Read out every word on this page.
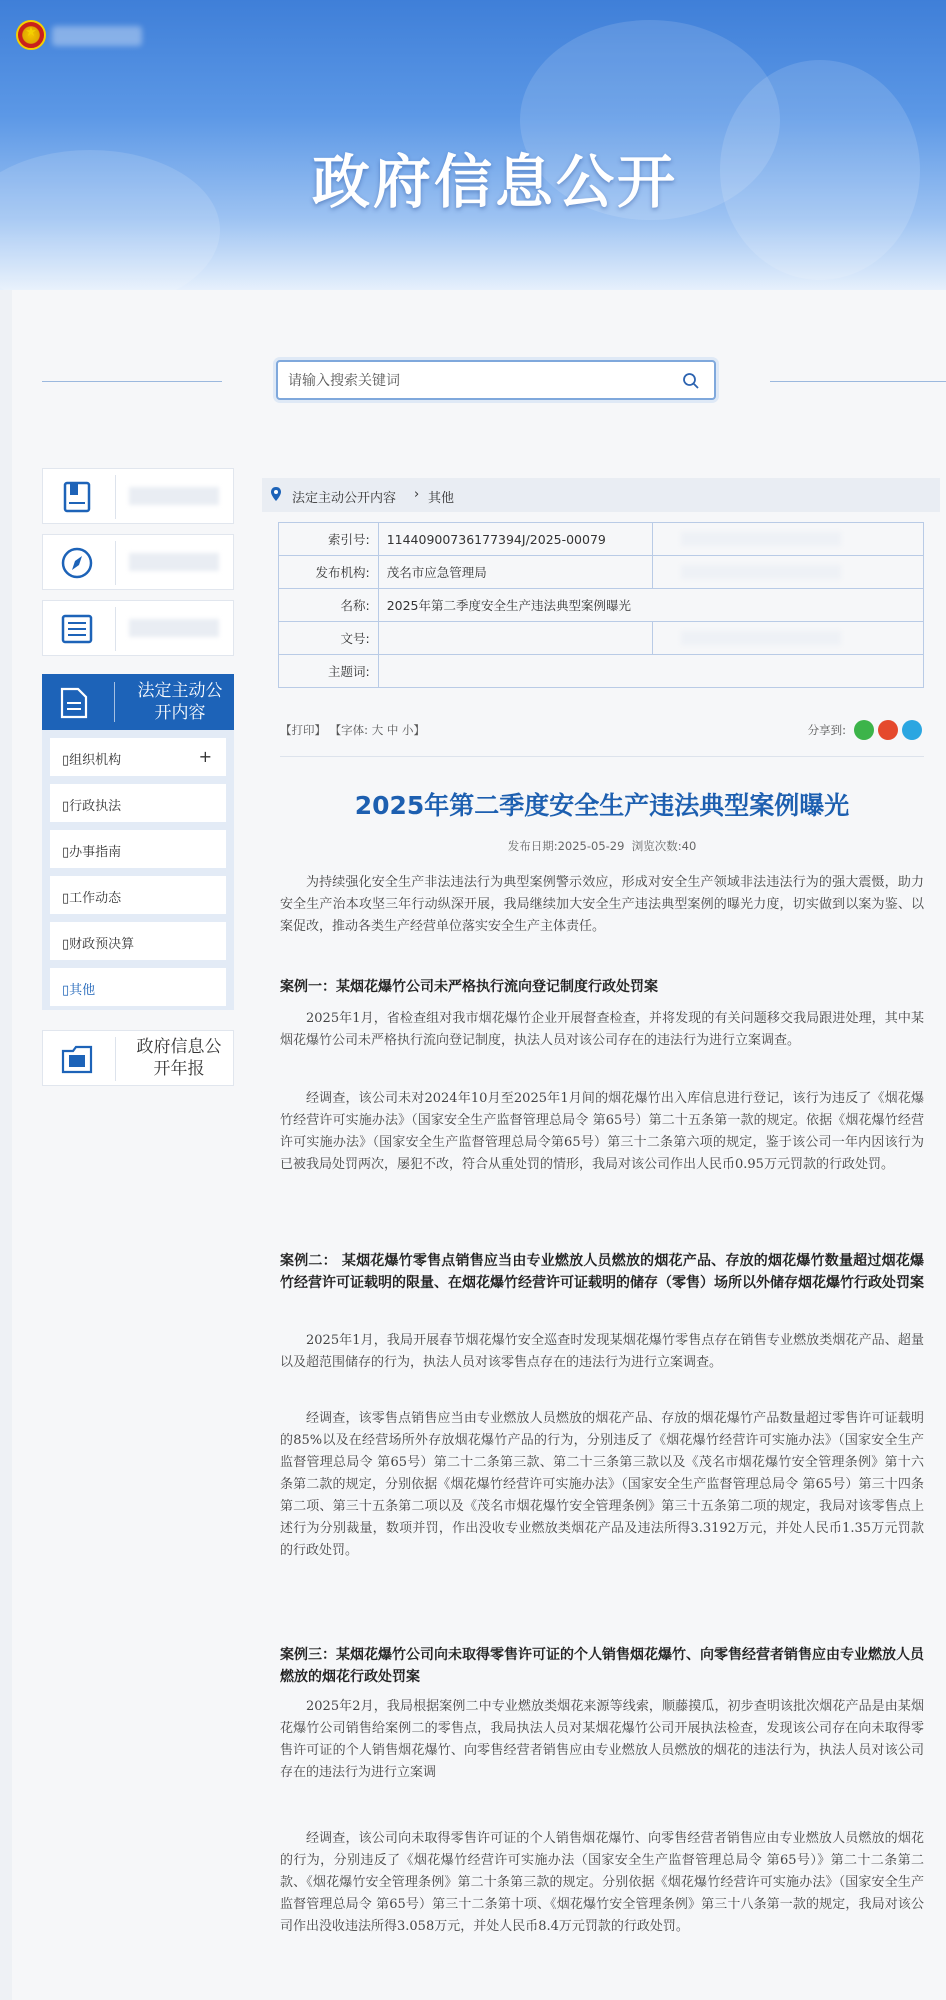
★
政府信息公开
请输入搜索关键词
法定主动公开内容
▯组织机构	+
▯行政执法
▯办事指南
▯工作动态
▯财政预决算
▯其他
政府信息公开年报
法定主动公开内容 › 其他
索引号:	11440900736177394J/2025-00079	

发布机构:	茂名市应急管理局	

名称:	2025年第二季度安全生产违法典型案例曝光	
文号:		

主题词:		
【打印】 【字体: 大 中 小】	分享到:
2025年第二季度安全生产违法典型案例曝光
发布日期:2025-05-29 浏览次数:40
为持续强化安全生产非法违法行为典型案例警示效应，形成对安全生产领域非法违法行为的强大震慑，助力安全生产治本攻坚三年行动纵深开展，我局继续加大安全生产违法典型案例的曝光力度，切实做到以案为鉴、以案促改，推动各类生产经营单位落实安全生产主体责任。
案例一：某烟花爆竹公司未严格执行流向登记制度行政处罚案
2025年1月，省检查组对我市烟花爆竹企业开展督查检查，并将发现的有关问题移交我局跟进处理，其中某烟花爆竹公司未严格执行流向登记制度，执法人员对该公司存在的违法行为进行立案调查。
经调查，该公司未对2024年10月至2025年1月间的烟花爆竹出入库信息进行登记，该行为违反了《烟花爆竹经营许可实施办法》（国家安全生产监督管理总局令 第65号）第二十五条第一款的规定。依据《烟花爆竹经营许可实施办法》（国家安全生产监督管理总局令第65号）第三十二条第六项的规定，鉴于该公司一年内因该行为已被我局处罚两次，屡犯不改，符合从重处罚的情形，我局对该公司作出人民币0.95万元罚款的行政处罚。
案例二： 某烟花爆竹零售点销售应当由专业燃放人员燃放的烟花产品、存放的烟花爆竹数量超过烟花爆竹经营许可证载明的限量、在烟花爆竹经营许可证载明的储存（零售）场所以外储存烟花爆竹行政处罚案
2025年1月，我局开展春节烟花爆竹安全巡查时发现某烟花爆竹零售点存在销售专业燃放类烟花产品、超量以及超范围储存的行为，执法人员对该零售点存在的违法行为进行立案调查。
经调查，该零售点销售应当由专业燃放人员燃放的烟花产品、存放的烟花爆竹产品数量超过零售许可证载明的85%以及在经营场所外存放烟花爆竹产品的行为，分别违反了《烟花爆竹经营许可实施办法》（国家安全生产监督管理总局令 第65号）第二十二条第三款、第二十三条第三款以及《茂名市烟花爆竹安全管理条例》第十六条第二款的规定，分别依据《烟花爆竹经营许可实施办法》（国家安全生产监督管理总局令 第65号）第三十四条第二项、第三十五条第二项以及《茂名市烟花爆竹安全管理条例》第三十五条第二项的规定，我局对该零售点上述行为分别裁量，数项并罚，作出没收专业燃放类烟花产品及违法所得3.3192万元，并处人民币1.35万元罚款的行政处罚。
案例三：某烟花爆竹公司向未取得零售许可证的个人销售烟花爆竹、向零售经营者销售应由专业燃放人员燃放的烟花行政处罚案
2025年2月，我局根据案例二中专业燃放类烟花来源等线索，顺藤摸瓜，初步查明该批次烟花产品是由某烟花爆竹公司销售给案例二的零售点，我局执法人员对某烟花爆竹公司开展执法检查，发现该公司存在向未取得零售许可证的个人销售烟花爆竹、向零售经营者销售应由专业燃放人员燃放的烟花的违法行为，执法人员对该公司存在的违法行为进行立案调
经调查，该公司向未取得零售许可证的个人销售烟花爆竹、向零售经营者销售应由专业燃放人员燃放的烟花的行为，分别违反了《烟花爆竹经营许可实施办法（国家安全生产监督管理总局令 第65号）》第二十二条第二款、《烟花爆竹安全管理条例》第二十条第三款的规定。分别依据《烟花爆竹经营许可实施办法》（国家安全生产监督管理总局令 第65号）第三十二条第十项、《烟花爆竹安全管理条例》第三十八条第一款的规定，我局对该公司作出没收违法所得3.058万元，并处人民币8.4万元罚款的行政处罚。
